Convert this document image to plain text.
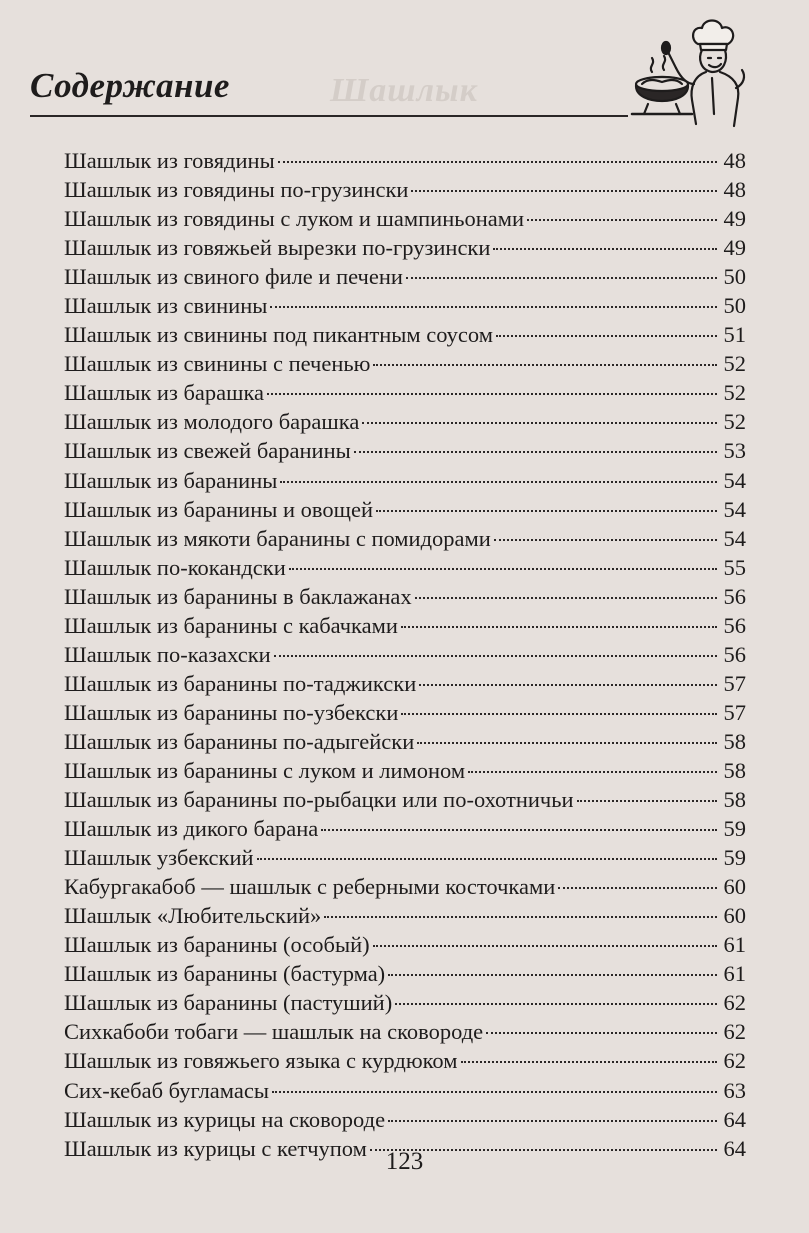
Шашлык
Содержание
Шашлык из говядины	48
Шашлык из говядины по-грузински	48
Шашлык из говядины с луком и шампиньонами	49
Шашлык из говяжьей вырезки по-грузински	49
Шашлык из свиного филе и печени	50
Шашлык из свинины	50
Шашлык из свинины под пикантным соусом	51
Шашлык из свинины с печенью	52
Шашлык из барашка	52
Шашлык из молодого барашка	52
Шашлык из свежей баранины	53
Шашлык из баранины	54
Шашлык из баранины и овощей	54
Шашлык из мякоти баранины с помидорами	54
Шашлык по-кокандски	55
Шашлык из баранины в баклажанах	56
Шашлык из баранины с кабачками	56
Шашлык по-казахски	56
Шашлык из баранины по-таджикски	57
Шашлык из баранины по-узбекски	57
Шашлык из баранины по-адыгейски	58
Шашлык из баранины с луком и лимоном	58
Шашлык из баранины по-рыбацки или по-охотничьи	58
Шашлык из дикого барана	59
Шашлык узбекский	59
Кабургакабоб — шашлык с реберными косточками	60
Шашлык «Любительский»	60
Шашлык из баранины (особый)	61
Шашлык из баранины (бастурма)	61
Шашлык из баранины (пастуший)	62
Сихкабоби тобаги — шашлык на сковороде	62
Шашлык из говяжьего языка с курдюком	62
Сих-кебаб бугламасы	63
Шашлык из курицы на сковороде	64
Шашлык из курицы с кетчупом	64
123
